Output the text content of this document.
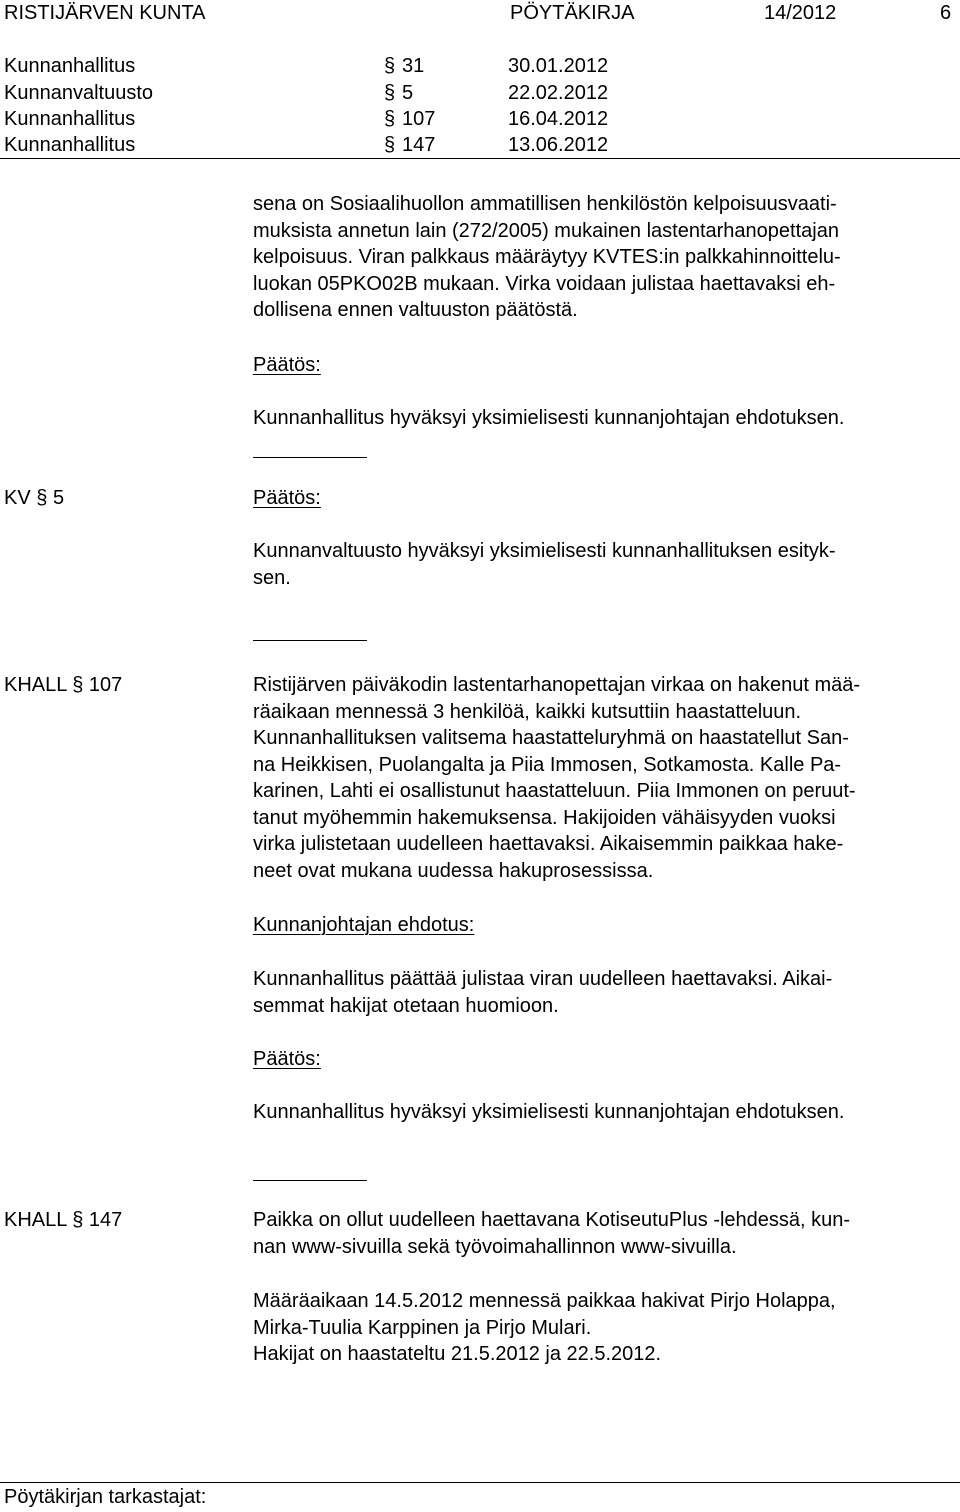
RISTIJÄRVEN KUNTA	PÖYTÄKIRJA	14/2012	6
Kunnanhallitus	§ 31	30.01.2012
Kunnanvaltuusto	§ 5	22.02.2012
Kunnanhallitus	§ 107	16.04.2012
Kunnanhallitus	§ 147	13.06.2012
sena on Sosiaalihuollon ammatillisen henkilöstön kelpoisuusvaati-
muksista annetun lain (272/2005) mukainen lastentarhanopettajan
kelpoisuus. Viran palkkaus määräytyy KVTES:in palkkahinnoittelu-
luokan 05PKO02B mukaan. Virka voidaan julistaa haettavaksi eh-
dollisena ennen valtuuston päätöstä.
Päätös:
Kunnanhallitus hyväksyi yksimielisesti kunnanjohtajan ehdotuksen.
KV § 5	Päätös:
Kunnanvaltuusto hyväksyi yksimielisesti kunnanhallituksen esityk-
sen.
KHALL § 107	Ristijärven päiväkodin lastentarhanopettajan virkaa on hakenut mää-
räaikaan mennessä 3 henkilöä, kaikki kutsuttiin haastatteluun.
Kunnanhallituksen valitsema haastatteluryhmä on haastatellut San-
na Heikkisen, Puolangalta ja Piia Immosen, Sotkamosta. Kalle Pa-
karinen, Lahti ei osallistunut haastatteluun. Piia Immonen on peruut-
tanut myöhemmin hakemuksensa. Hakijoiden vähäisyyden vuoksi
virka julistetaan uudelleen haettavaksi. Aikaisemmin paikkaa hake-
neet ovat mukana uudessa hakuprosessissa.
Kunnanjohtajan ehdotus:
Kunnanhallitus päättää julistaa viran uudelleen haettavaksi. Aikai-
semmat hakijat otetaan huomioon.
Päätös:
Kunnanhallitus hyväksyi yksimielisesti kunnanjohtajan ehdotuksen.
KHALL § 147	Paikka on ollut uudelleen haettavana KotiseutuPlus -lehdessä, kun-
nan www-sivuilla sekä työvoimahallinnon www-sivuilla.
Määräaikaan 14.5.2012 mennessä paikkaa hakivat Pirjo Holappa,
Mirka-Tuulia Karppinen ja Pirjo Mulari.
Hakijat on haastateltu 21.5.2012 ja 22.5.2012.
Pöytäkirjan tarkastajat:
